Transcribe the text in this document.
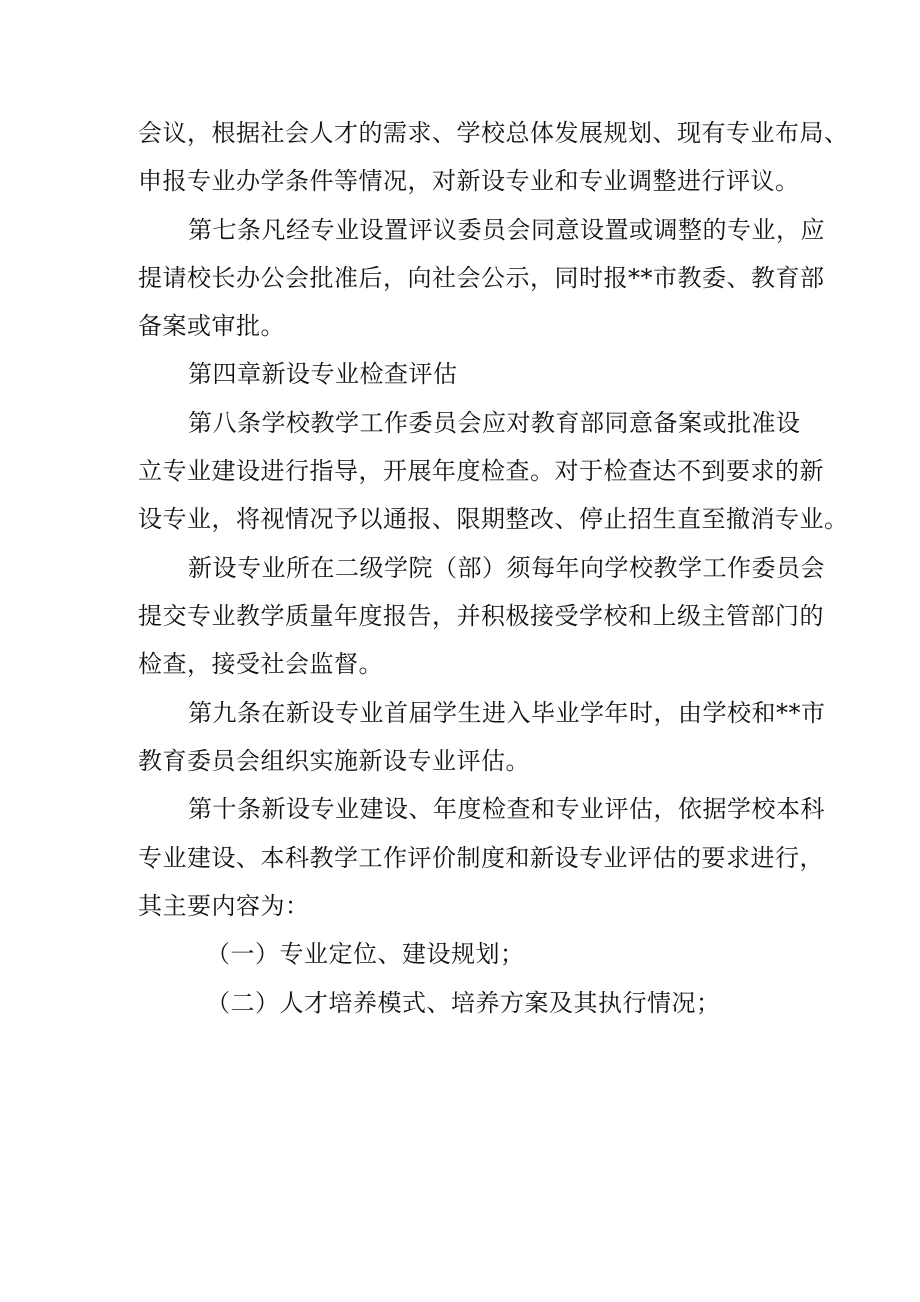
会议，根据社会人才的需求、学校总体发展规划、现有专业布局、
申报专业办学条件等情况，对新设专业和专业调整进行评议。
第七条凡经专业设置评议委员会同意设置或调整的专业，应
提请校长办公会批准后，向社会公示，同时报**市教委、教育部
备案或审批。
第四章新设专业检查评估
第八条学校教学工作委员会应对教育部同意备案或批准设
立专业建设进行指导，开展年度检查。对于检查达不到要求的新
设专业，将视情况予以通报、限期整改、停止招生直至撤消专业。
新设专业所在二级学院（部）须每年向学校教学工作委员会
提交专业教学质量年度报告，并积极接受学校和上级主管部门的
检查，接受社会监督。
第九条在新设专业首届学生进入毕业学年时，由学校和**市
教育委员会组织实施新设专业评估。
第十条新设专业建设、年度检查和专业评估，依据学校本科
专业建设、本科教学工作评价制度和新设专业评估的要求进行，
其主要内容为：
（一）专业定位、建设规划；
（二）人才培养模式、培养方案及其执行情况；
